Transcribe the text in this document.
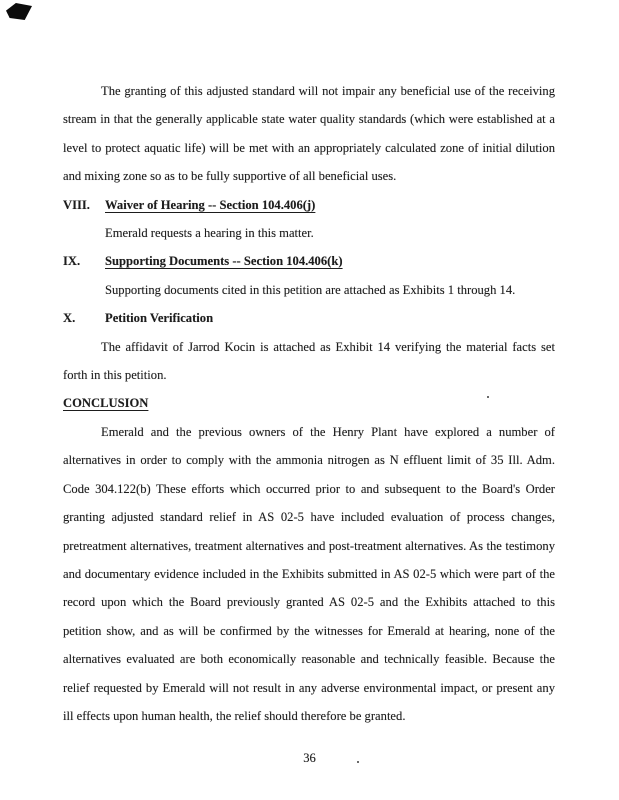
The granting of this adjusted standard will not impair any beneficial use of the receiving stream in that the generally applicable state water quality standards (which were established at a level to protect aquatic life) will be met with an appropriately calculated zone of initial dilution and mixing zone so as to be fully supportive of all beneficial uses.

VIII.	Waiver of Hearing -- Section 104.406(j)

Emerald requests a hearing in this matter.

IX.	Supporting Documents -- Section 104.406(k)

Supporting documents cited in this petition are attached as Exhibits 1 through 14.

X.	Petition Verification

The affidavit of Jarrod Kocin is attached as Exhibit 14 verifying the material facts set forth in this petition.

CONCLUSION

Emerald and the previous owners of the Henry Plant have explored a number of alternatives in order to comply with the ammonia nitrogen as N effluent limit of 35 Ill. Adm. Code 304.122(b) These efforts which occurred prior to and subsequent to the Board's Order granting adjusted standard relief in AS 02-5 have included evaluation of process changes, pretreatment alternatives, treatment alternatives and post-treatment alternatives. As the testimony and documentary evidence included in the Exhibits submitted in AS 02-5 which were part of the record upon which the Board previously granted AS 02-5 and the Exhibits attached to this petition show, and as will be confirmed by the witnesses for Emerald at hearing, none of the alternatives evaluated are both economically reasonable and technically feasible. Because the relief requested by Emerald will not result in any adverse environmental impact, or present any ill effects upon human health, the relief should therefore be granted.

36
